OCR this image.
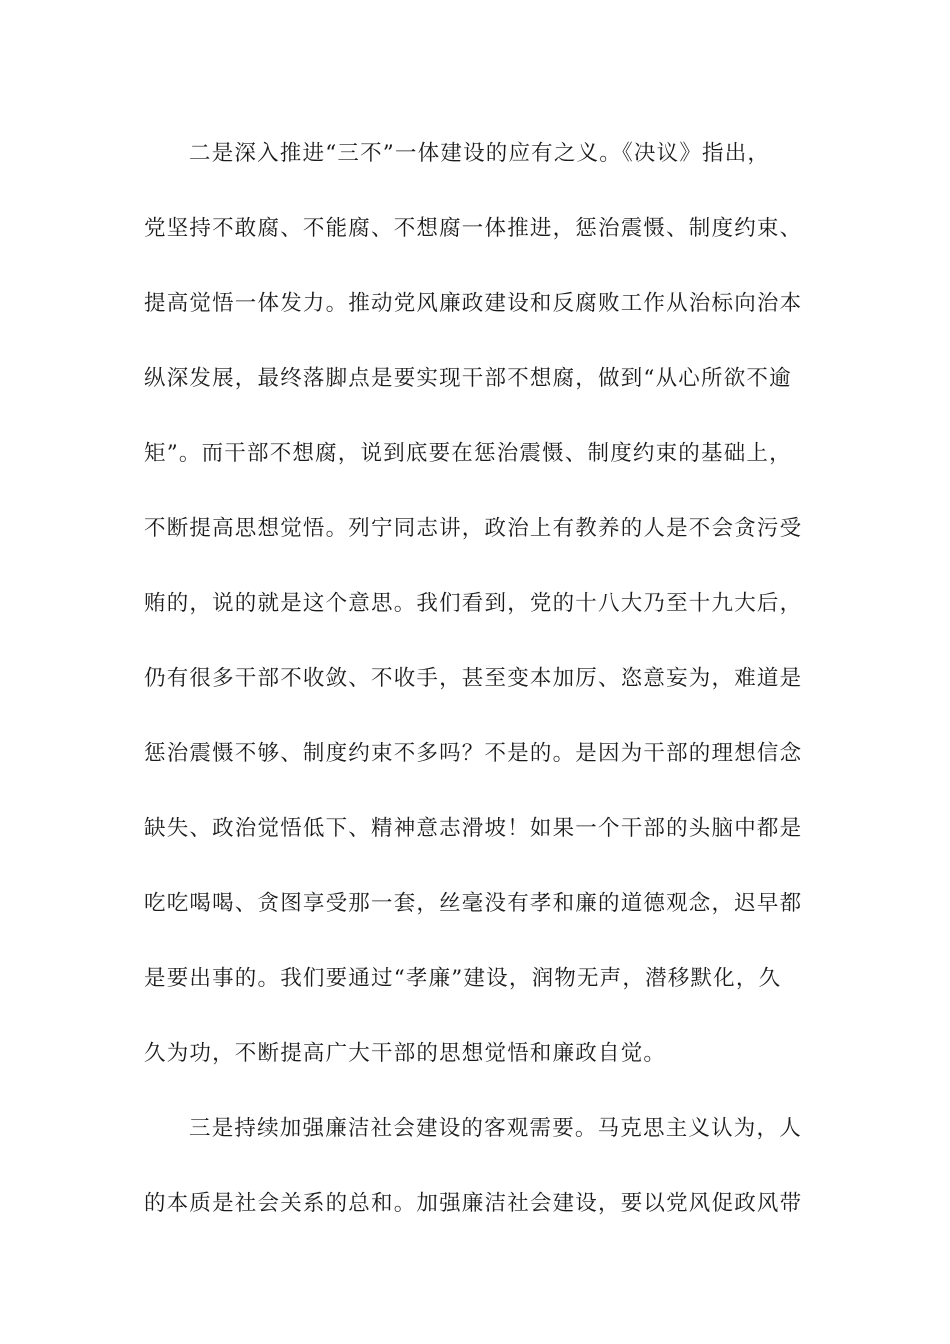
二是深入推进“三不”一体建设的应有之义。《决议》指出，
党坚持不敢腐、不能腐、不想腐一体推进，惩治震慑、制度约束、
提高觉悟一体发力。推动党风廉政建设和反腐败工作从治标向治本
纵深发展，最终落脚点是要实现干部不想腐，做到“从心所欲不逾
矩”。而干部不想腐，说到底要在惩治震慑、制度约束的基础上，
不断提高思想觉悟。列宁同志讲，政治上有教养的人是不会贪污受
贿的，说的就是这个意思。我们看到，党的十八大乃至十九大后，
仍有很多干部不收敛、不收手，甚至变本加厉、恣意妄为，难道是
惩治震慑不够、制度约束不多吗？不是的。是因为干部的理想信念
缺失、政治觉悟低下、精神意志滑坡！如果一个干部的头脑中都是
吃吃喝喝、贪图享受那一套，丝毫没有孝和廉的道德观念，迟早都
是要出事的。我们要通过“孝廉”建设，润物无声，潜移默化，久
久为功，不断提高广大干部的思想觉悟和廉政自觉。
三是持续加强廉洁社会建设的客观需要。马克思主义认为，人
的本质是社会关系的总和。加强廉洁社会建设，要以党风促政风带
